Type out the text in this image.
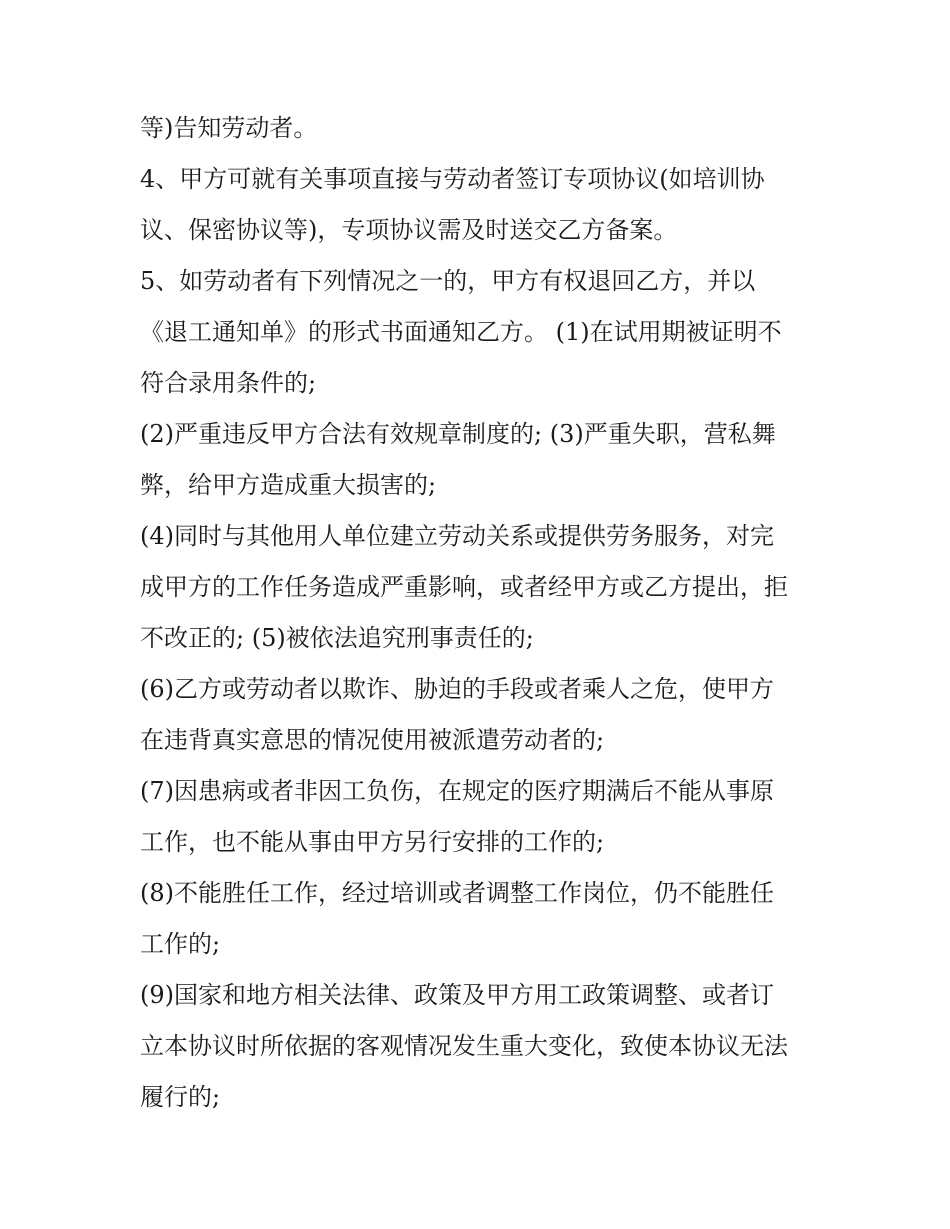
等)告知劳动者。
4、甲方可就有关事项直接与劳动者签订专项协议(如培训协
议、保密协议等)，专项协议需及时送交乙方备案。
5、如劳动者有下列情况之一的，甲方有权退回乙方，并以
《退工通知单》的形式书面通知乙方。 (1)在试用期被证明不
符合录用条件的;
(2)严重违反甲方合法有效规章制度的; (3)严重失职，营私舞
弊，给甲方造成重大损害的;
(4)同时与其他用人单位建立劳动关系或提供劳务服务，对完
成甲方的工作任务造成严重影响，或者经甲方或乙方提出，拒
不改正的; (5)被依法追究刑事责任的;
(6)乙方或劳动者以欺诈、胁迫的手段或者乘人之危，使甲方
在违背真实意思的情况使用被派遣劳动者的;
(7)因患病或者非因工负伤，在规定的医疗期满后不能从事原
工作，也不能从事由甲方另行安排的工作的;
(8)不能胜任工作，经过培训或者调整工作岗位，仍不能胜任
工作的;
(9)国家和地方相关法律、政策及甲方用工政策调整、或者订
立本协议时所依据的客观情况发生重大变化，致使本协议无法
履行的;
